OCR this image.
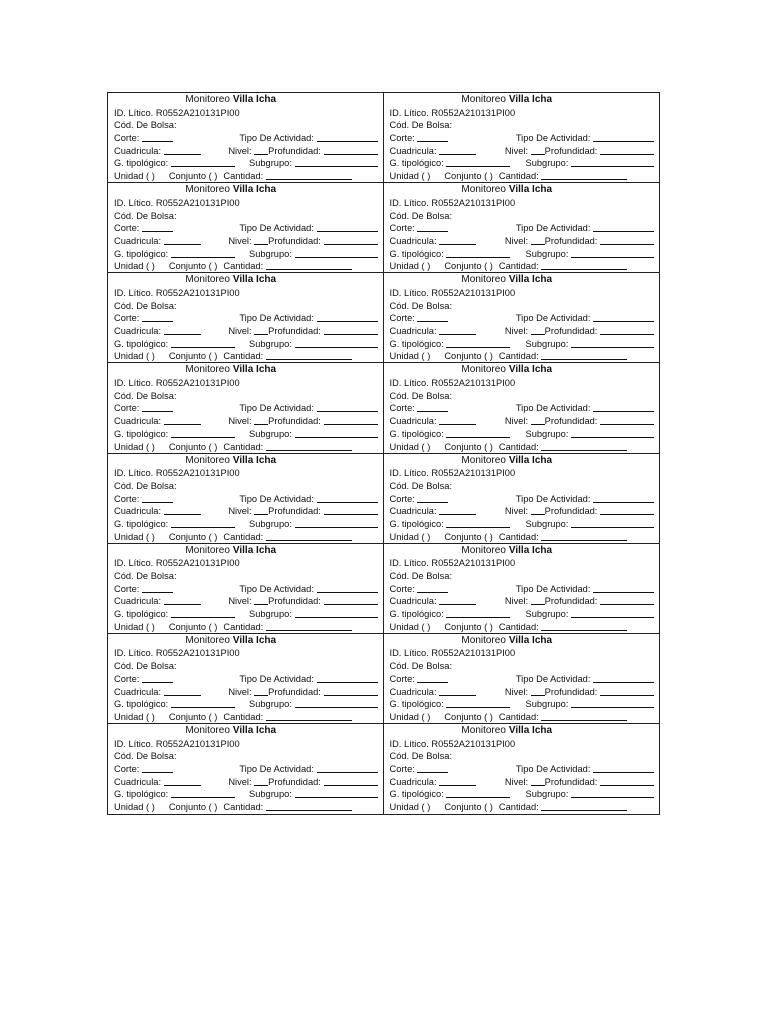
Monitoreo Villa Icha
ID. Lítico.
R0552A210131PI00
Cód. De Bolsa:
Corte:
	Tipo De Actividad:

Cuadricula:
	Nivel:
Profundidad:

G. tipológico:
	Subgrupo:

Unidad ( ) Conjunto ( ) Cantidad:

Monitoreo Villa Icha
ID. Lítico.
R0552A210131PI00
Cód. De Bolsa:
Corte:
	Tipo De Actividad:

Cuadricula:
	Nivel:
Profundidad:

G. tipológico:
	Subgrupo:

Unidad ( ) Conjunto ( ) Cantidad:

Monitoreo Villa Icha
ID. Lítico.
R0552A210131PI00
Cód. De Bolsa:
Corte:
	Tipo De Actividad:

Cuadricula:
	Nivel:
Profundidad:

G. tipológico:
	Subgrupo:

Unidad ( ) Conjunto ( ) Cantidad:

Monitoreo Villa Icha
ID. Lítico.
R0552A210131PI00
Cód. De Bolsa:
Corte:
	Tipo De Actividad:

Cuadricula:
	Nivel:
Profundidad:

G. tipológico:
	Subgrupo:

Unidad ( ) Conjunto ( ) Cantidad:

Monitoreo Villa Icha
ID. Lítico.
R0552A210131PI00
Cód. De Bolsa:
Corte:
	Tipo De Actividad:

Cuadricula:
	Nivel:
Profundidad:

G. tipológico:
	Subgrupo:

Unidad ( ) Conjunto ( ) Cantidad:

Monitoreo Villa Icha
ID. Lítico.
R0552A210131PI00
Cód. De Bolsa:
Corte:
	Tipo De Actividad:

Cuadricula:
	Nivel:
Profundidad:

G. tipológico:
	Subgrupo:

Unidad ( ) Conjunto ( ) Cantidad:

Monitoreo Villa Icha
ID. Lítico.
R0552A210131PI00
Cód. De Bolsa:
Corte:
	Tipo De Actividad:

Cuadricula:
	Nivel:
Profundidad:

G. tipológico:
	Subgrupo:

Unidad ( ) Conjunto ( ) Cantidad:

Monitoreo Villa Icha
ID. Lítico.
R0552A210131PI00
Cód. De Bolsa:
Corte:
	Tipo De Actividad:

Cuadricula:
	Nivel:
Profundidad:

G. tipológico:
	Subgrupo:

Unidad ( ) Conjunto ( ) Cantidad:

Monitoreo Villa Icha
ID. Lítico.
R0552A210131PI00
Cód. De Bolsa:
Corte:
	Tipo De Actividad:

Cuadricula:
	Nivel:
Profundidad:

G. tipológico:
	Subgrupo:

Unidad ( ) Conjunto ( ) Cantidad:

Monitoreo Villa Icha
ID. Lítico.
R0552A210131PI00
Cód. De Bolsa:
Corte:
	Tipo De Actividad:

Cuadricula:
	Nivel:
Profundidad:

G. tipológico:
	Subgrupo:

Unidad ( ) Conjunto ( ) Cantidad:

Monitoreo Villa Icha
ID. Lítico.
R0552A210131PI00
Cód. De Bolsa:
Corte:
	Tipo De Actividad:

Cuadricula:
	Nivel:
Profundidad:

G. tipológico:
	Subgrupo:

Unidad ( ) Conjunto ( ) Cantidad:

Monitoreo Villa Icha
ID. Lítico.
R0552A210131PI00
Cód. De Bolsa:
Corte:
	Tipo De Actividad:

Cuadricula:
	Nivel:
Profundidad:

G. tipológico:
	Subgrupo:

Unidad ( ) Conjunto ( ) Cantidad:

Monitoreo Villa Icha
ID. Lítico.
R0552A210131PI00
Cód. De Bolsa:
Corte:
	Tipo De Actividad:

Cuadricula:
	Nivel:
Profundidad:

G. tipológico:
	Subgrupo:

Unidad ( ) Conjunto ( ) Cantidad:

Monitoreo Villa Icha
ID. Lítico.
R0552A210131PI00
Cód. De Bolsa:
Corte:
	Tipo De Actividad:

Cuadricula:
	Nivel:
Profundidad:

G. tipológico:
	Subgrupo:

Unidad ( ) Conjunto ( ) Cantidad:

Monitoreo Villa Icha
ID. Lítico.
R0552A210131PI00
Cód. De Bolsa:
Corte:
	Tipo De Actividad:

Cuadricula:
	Nivel:
Profundidad:

G. tipológico:
	Subgrupo:

Unidad ( ) Conjunto ( ) Cantidad:

Monitoreo Villa Icha
ID. Lítico.
R0552A210131PI00
Cód. De Bolsa:
Corte:
	Tipo De Actividad:

Cuadricula:
	Nivel:
Profundidad:

G. tipológico:
	Subgrupo:

Unidad ( ) Conjunto ( ) Cantidad:
